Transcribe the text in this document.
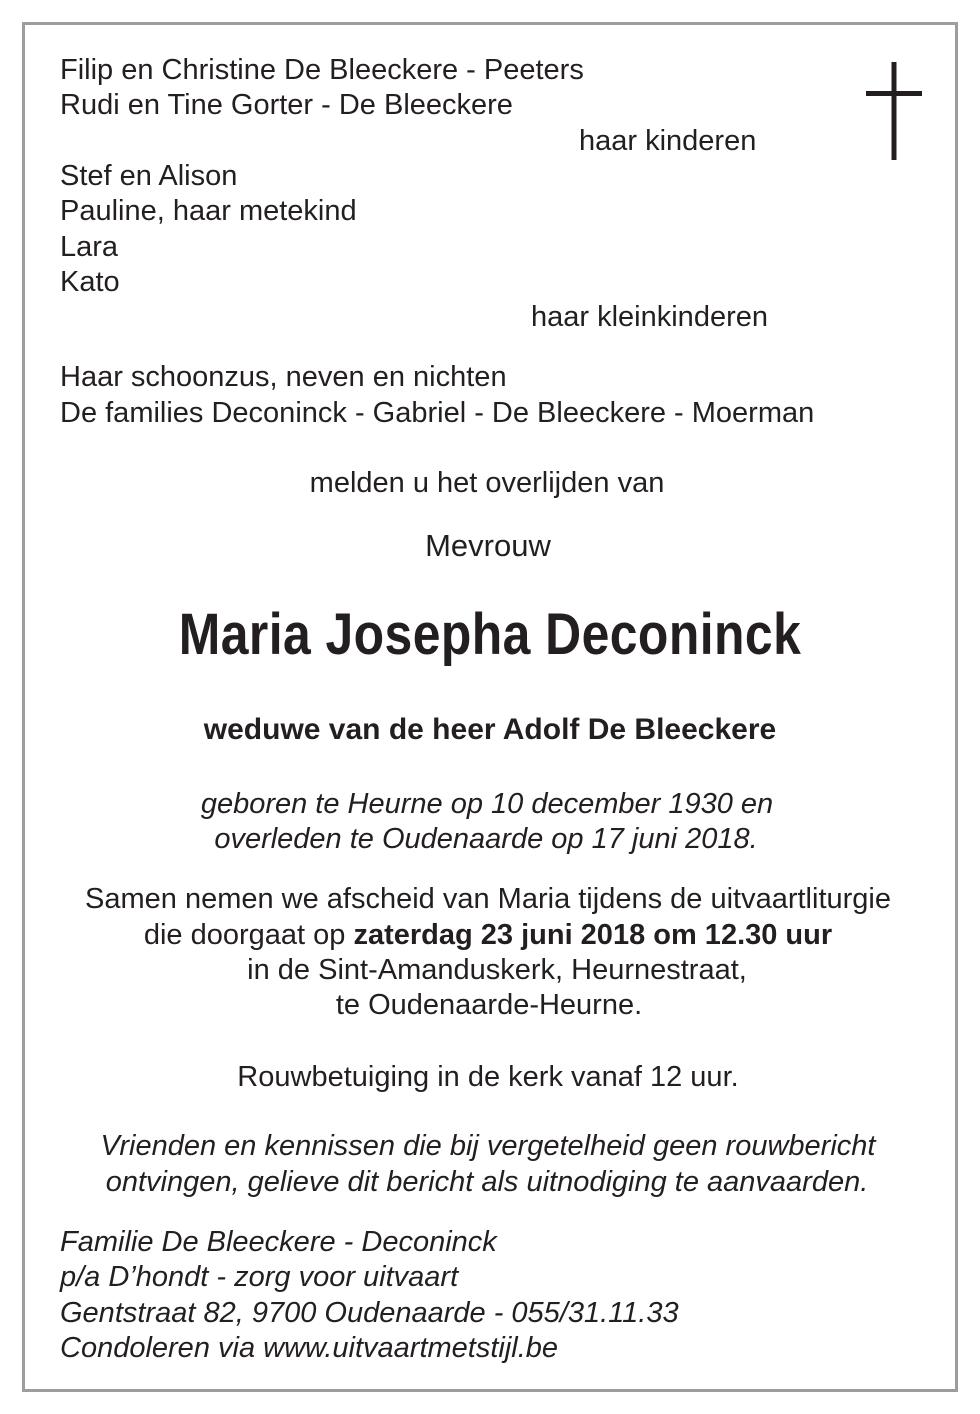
Filip en Christine De Bleeckere - Peeters
Rudi en Tine Gorter - De Bleeckere
haar kinderen
Stef en Alison
Pauline, haar metekind
Lara
Kato
haar kleinkinderen
Haar schoonzus, neven en nichten
De families Deconinck - Gabriel - De Bleeckere - Moerman
melden u het overlijden van
Mevrouw
Maria Josepha Deconinck
weduwe van de heer Adolf De Bleeckere
geboren te Heurne op 10 december 1930 en
overleden te Oudenaarde op 17 juni 2018.
Samen nemen we afscheid van Maria tijdens de uitvaartliturgie
die doorgaat op zaterdag 23 juni 2018 om 12.30 uur
in de Sint-Amanduskerk, Heurnestraat,
te Oudenaarde-Heurne.
Rouwbetuiging in de kerk vanaf 12 uur.
Vrienden en kennissen die bij vergetelheid geen rouwbericht
ontvingen, gelieve dit bericht als uitnodiging te aanvaarden.
Familie De Bleeckere - Deconinck
p/a D’hondt - zorg voor uitvaart
Gentstraat 82, 9700 Oudenaarde - 055/31.11.33
Condoleren via www.uitvaartmetstijl.be
